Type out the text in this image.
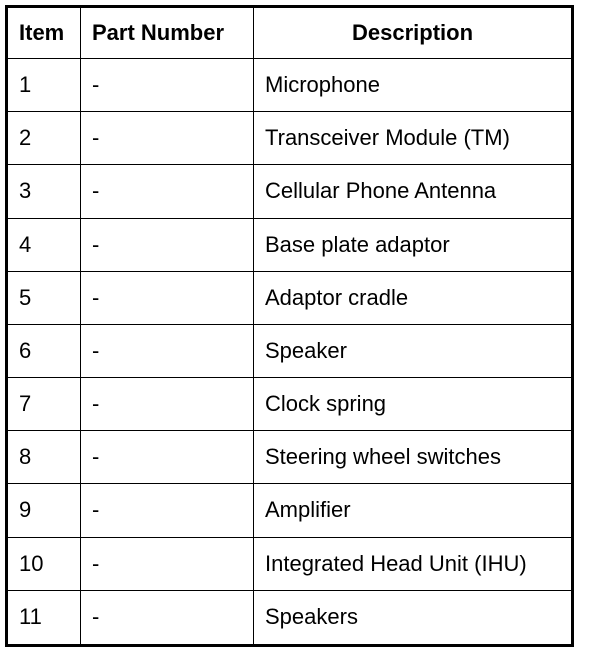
Item	Part Number	Description
1	-	Microphone
2	-	Transceiver Module (TM)
3	-	Cellular Phone Antenna
4	-	Base plate adaptor
5	-	Adaptor cradle
6	-	Speaker
7	-	Clock spring
8	-	Steering wheel switches
9	-	Amplifier
10	-	Integrated Head Unit (IHU)
11	-	Speakers
